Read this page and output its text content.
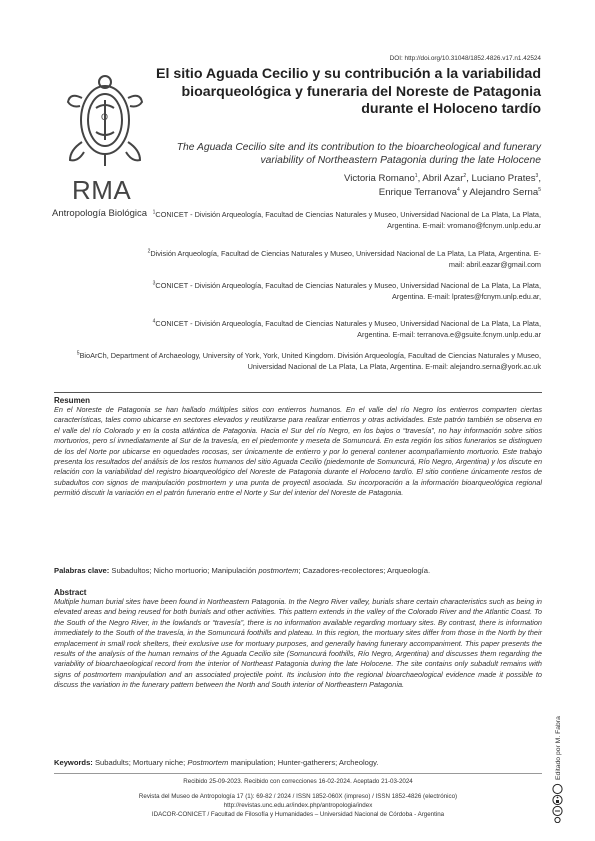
DOI: http://doi.org/10.31048/1852.4826.v17.n1.42524
O
RMA
Antropología Biológica
El sitio Aguada Cecilio y su contribución a la variabilidad bioarqueológica y funeraria del Noreste de Patagonia durante el Holoceno tardío
The Aguada Cecilio site and its contribution to the bioarcheological and funerary variability of Northeastern Patagonia during the late Holocene
Victoria Romano$^1$, Abril Azar$^2$, Luciano Prates$^3$,
Enrique Terranova$^4$ y Alejandro Serna$^5$
$^1$CONICET - División Arqueología, Facultad de Ciencias Naturales y Museo, Universidad Nacional de La Plata, La Plata, Argentina. E-mail: vromano@fcnym.unlp.edu.ar
$^2$División Arqueología, Facultad de Ciencias Naturales y Museo, Universidad Nacional de La Plata, La Plata, Argentina. E-mail: abril.eazar@gmail.com
$^3$CONICET - División Arqueología, Facultad de Ciencias Naturales y Museo, Universidad Nacional de La Plata, La Plata, Argentina. E-mail: lprates@fcnym.unlp.edu.ar,
$^4$CONICET - División Arqueología, Facultad de Ciencias Naturales y Museo, Universidad Nacional de La Plata, La Plata, Argentina. E-mail: terranova.e@gsuite.fcnym.unlp.edu.ar
$^5$BioArCh, Department of Archaeology, University of York, York, United Kingdom. División Arqueología, Facultad de Ciencias Naturales y Museo, Universidad Nacional de La Plata, La Plata, Argentina. E-mail: alejandro.serna@york.ac.uk
Resumen
En el Noreste de Patagonia se han hallado múltiples sitios con entierros humanos. En el valle del río Negro los entierros comparten ciertas características, tales como ubicarse en sectores elevados y reutilizarse para realizar entierros y otras actividades. Este patrón también se observa en el valle del río Colorado y en la costa atlántica de Patagonia. Hacia el Sur del río Negro, en los bajos o “travesía”, no hay información sobre sitios mortuorios, pero sí inmediatamente al Sur de la travesía, en el piedemonte y meseta de Somuncurá. En esta región los sitios funerarios se distinguen de los del Norte por ubicarse en oquedades rocosas, ser únicamente de entierro y por lo general contener acompañamiento mortuorio. Este trabajo presenta los resultados del análisis de los restos humanos del sitio Aguada Cecilio (piedemonte de Somuncurá, Río Negro, Argentina) y los discute en relación con la variabilidad del registro bioarqueológico del Noreste de Patagonia durante el Holoceno tardío. El sitio contiene únicamente restos de subadultos con signos de manipulación postmortem y una punta de proyectil asociada. Su incorporación a la información bioarqueológica regional permitió discutir la variación en el patrón funerario entre el Norte y Sur del interior del Noreste de Patagonia.
Palabras clave: Subadultos; Nicho mortuorio; Manipulación postmortem; Cazadores-recolectores; Arqueología.
Abstract
Multiple human burial sites have been found in Northeastern Patagonia. In the Negro River valley, burials share certain characteristics such as being in elevated areas and being reused for both burials and other activities. This pattern extends in the valley of the Colorado River and the Atlantic Coast. To the South of the Negro River, in the lowlands or “travesía”, there is no information available regarding mortuary sites. By contrast, there is information immediately to the South of the travesía, in the Somuncurá foothills and plateau. In this region, the mortuary sites differ from those in the North by their emplacement in small rock shelters, their exclusive use for mortuary purposes, and generally having funerary accompaniment. This paper presents the results of the analysis of the human remains of the Aguada Cecilio site (Somuncurá foothills, Río Negro, Argentina) and discusses them regarding the variability of bioarchaeological record from the interior of Northeast Patagonia during the late Holocene. The site contains only subadult remains with signs of postmortem manipulation and an associated projectile point. Its inclusion into the regional bioarchaeological evidence made it possible to discuss the variation in the funerary pattern between the North and South interior of Northeastern Patagonia.
Keywords: Subadults; Mortuary niche; Postmortem manipulation; Hunter-gatherers; Archeology.
Recibido 25-09-2023. Recibido con correcciones 16-02-2024. Aceptado 21-03-2024
Revista del Museo de Antropología 17 (1): 69-82 / 2024 / ISSN 1852-060X (impreso) / ISSN 1852-4826 (electrónico)
http://revistas.unc.edu.ar/index.php/antropologia/index
IDACOR-CONICET / Facultad de Filosofía y Humanidades – Universidad Nacional de Córdoba - Argentina
Editado por M. Fabra
